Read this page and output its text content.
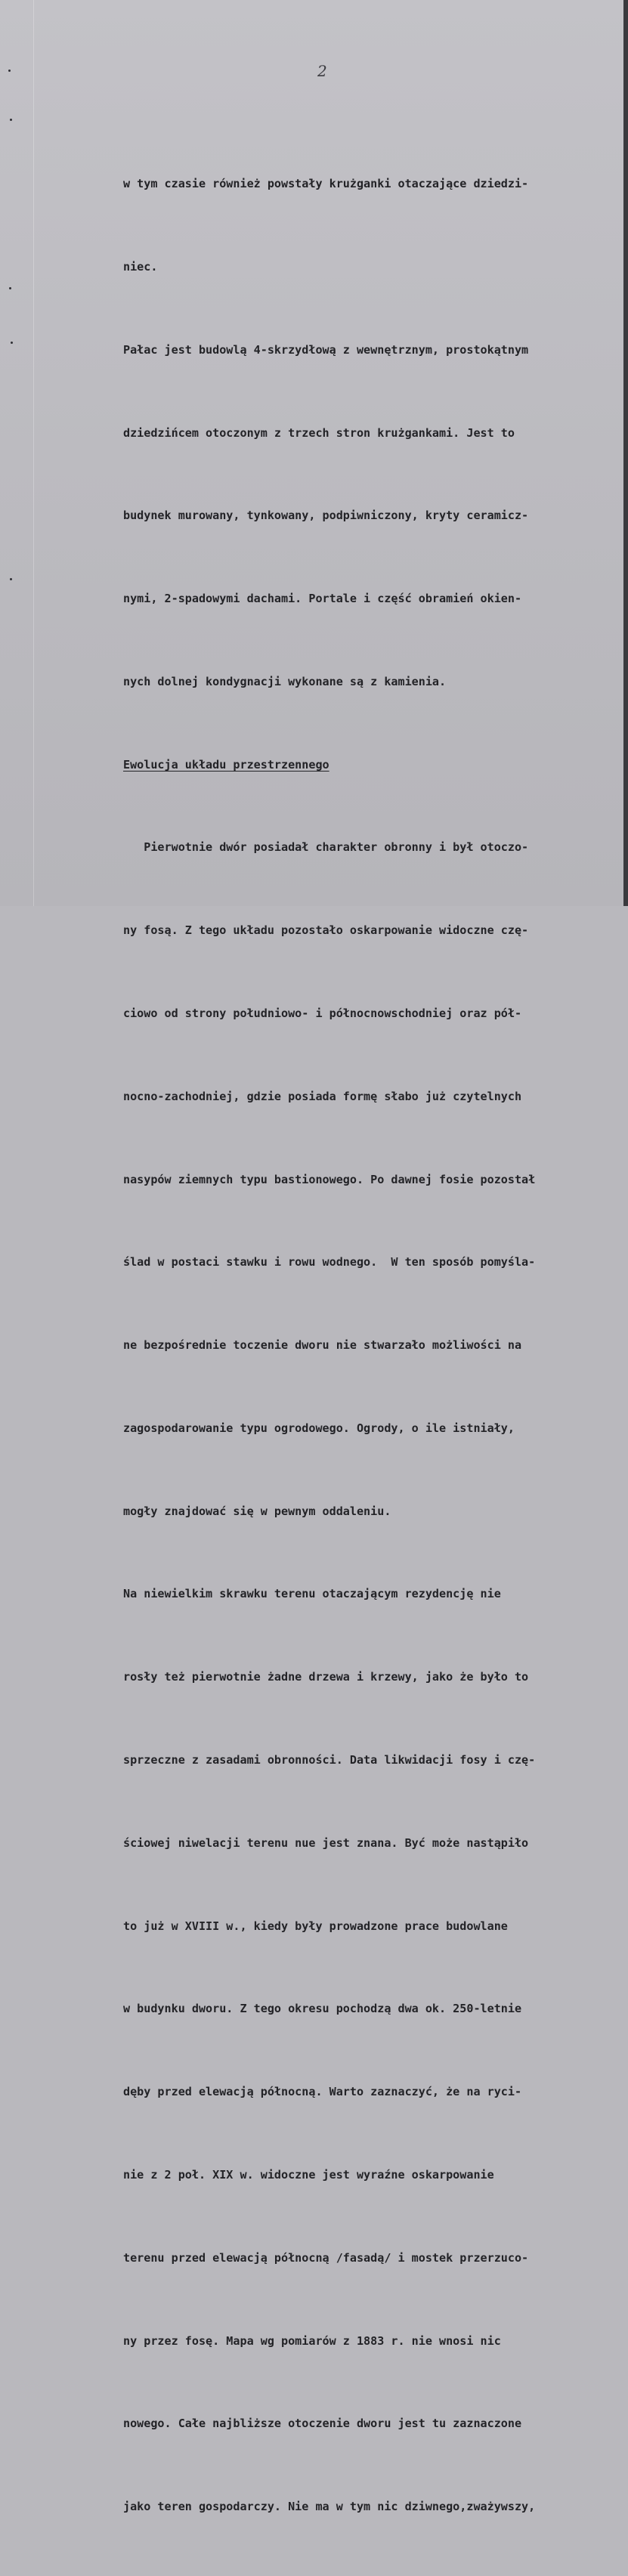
2

w tym czasie również powstały krużganki otaczające dziedzi-

niec.

Pałac jest budowlą 4-skrzydłową z wewnętrznym, prostokątnym

dziedzińcem otoczonym z trzech stron krużgankami. Jest to

budynek murowany, tynkowany, podpiwniczony, kryty ceramicz-

nymi, 2-spadowymi dachami. Portale i część obramień okien-

nych dolnej kondygnacji wykonane są z kamienia.

Ewolucja układu przestrzennego

Pierwotnie dwór posiadał charakter obronny i był otoczo-

ny fosą. Z tego układu pozostało oskarpowanie widoczne czę-

ciowo od strony południowo- i północnowschodniej oraz pół-

nocno-zachodniej, gdzie posiada formę słabo już czytelnych

nasypów ziemnych typu bastionowego. Po dawnej fosie pozostał

ślad w postaci stawku i rowu wodnego.  W ten sposób pomyśla-

ne bezpośrednie toczenie dworu nie stwarzało możliwości na

zagospodarowanie typu ogrodowego. Ogrody, o ile istniały,

mogły znajdować się w pewnym oddaleniu.

Na niewielkim skrawku terenu otaczającym rezydencję nie

rosły też pierwotnie żadne drzewa i krzewy, jako że było to

sprzeczne z zasadami obronności. Data likwidacji fosy i czę-

ściowej niwelacji terenu nue jest znana. Być może nastąpiło

to już w XVIII w., kiedy były prowadzone prace budowlane

w budynku dworu. Z tego okresu pochodzą dwa ok. 250-letnie

dęby przed elewacją północną. Warto zaznaczyć, że na ryci-

nie z 2 poł. XIX w. widoczne jest wyraźne oskarpowanie

terenu przed elewacją północną /fasadą/ i mostek przerzuco-

ny przez fosę. Mapa wg pomiarów z 1883 r. nie wnosi nic

nowego. Całe najbliższe otoczenie dworu jest tu zaznaczone

jako teren gospodarczy. Nie ma w tym nic dziwnego,zważywszy,
